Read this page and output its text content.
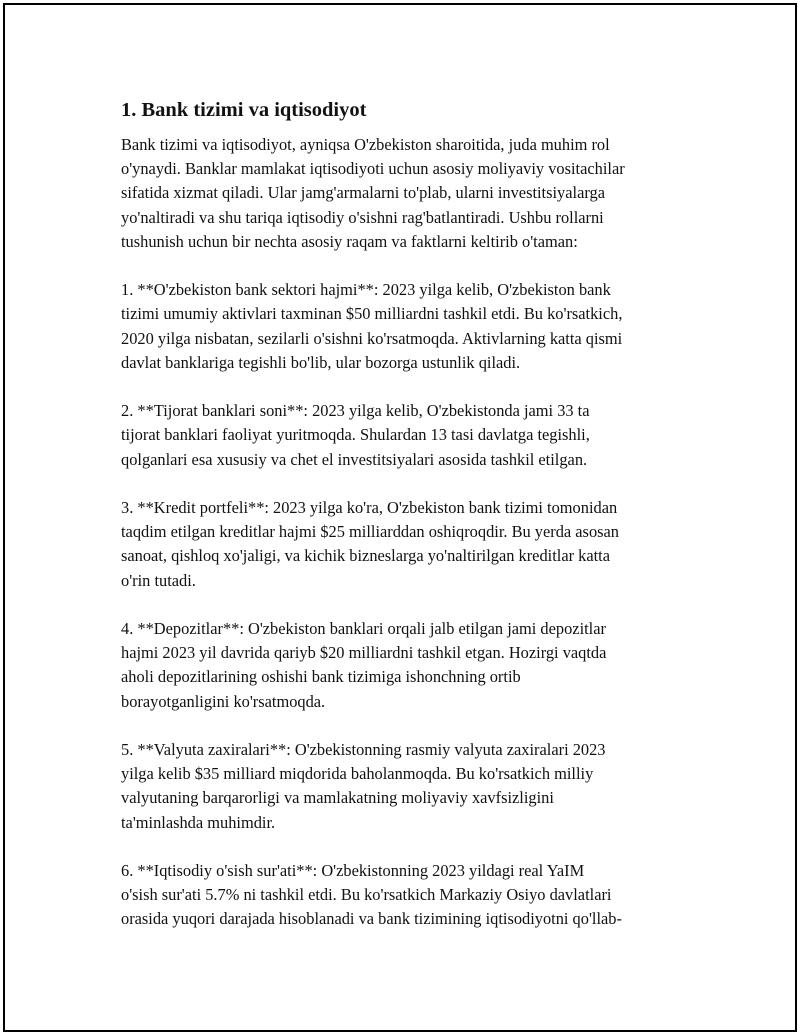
1. Bank tizimi va iqtisodiyot
Bank tizimi va iqtisodiyot, ayniqsa O'zbekiston sharoitida, juda muhim rol
o'ynaydi. Banklar mamlakat iqtisodiyoti uchun asosiy moliyaviy vositachilar
sifatida xizmat qiladi. Ular jamg'armalarni to'plab, ularni investitsiyalarga
yo'naltiradi va shu tariqa iqtisodiy o'sishni rag'batlantiradi. Ushbu rollarni
tushunish uchun bir nechta asosiy raqam va faktlarni keltirib o'taman:
1. **O'zbekiston bank sektori hajmi**: 2023 yilga kelib, O'zbekiston bank
tizimi umumiy aktivlari taxminan $50 milliardni tashkil etdi. Bu ko'rsatkich,
2020 yilga nisbatan, sezilarli o'sishni ko'rsatmoqda. Aktivlarning katta qismi
davlat banklariga tegishli bo'lib, ular bozorga ustunlik qiladi.
2. **Tijorat banklari soni**: 2023 yilga kelib, O'zbekistonda jami 33 ta
tijorat banklari faoliyat yuritmoqda. Shulardan 13 tasi davlatga tegishli,
qolganlari esa xususiy va chet el investitsiyalari asosida tashkil etilgan.
3. **Kredit portfeli**: 2023 yilga ko'ra, O'zbekiston bank tizimi tomonidan
taqdim etilgan kreditlar hajmi $25 milliarddan oshiqroqdir. Bu yerda asosan
sanoat, qishloq xo'jaligi, va kichik bizneslarga yo'naltirilgan kreditlar katta
o'rin tutadi.
4. **Depozitlar**: O'zbekiston banklari orqali jalb etilgan jami depozitlar
hajmi 2023 yil davrida qariyb $20 milliardni tashkil etgan. Hozirgi vaqtda
aholi depozitlarining oshishi bank tizimiga ishonchning ortib
borayotganligini ko'rsatmoqda.
5. **Valyuta zaxiralari**: O'zbekistonning rasmiy valyuta zaxiralari 2023
yilga kelib $35 milliard miqdorida baholanmoqda. Bu ko'rsatkich milliy
valyutaning barqarorligi va mamlakatning moliyaviy xavfsizligini
ta'minlashda muhimdir.
6. **Iqtisodiy o'sish sur'ati**: O'zbekistonning 2023 yildagi real YaIM
o'sish sur'ati 5.7% ni tashkil etdi. Bu ko'rsatkich Markaziy Osiyo davlatlari
orasida yuqori darajada hisoblanadi va bank tizimining iqtisodiyotni qo'llab-
